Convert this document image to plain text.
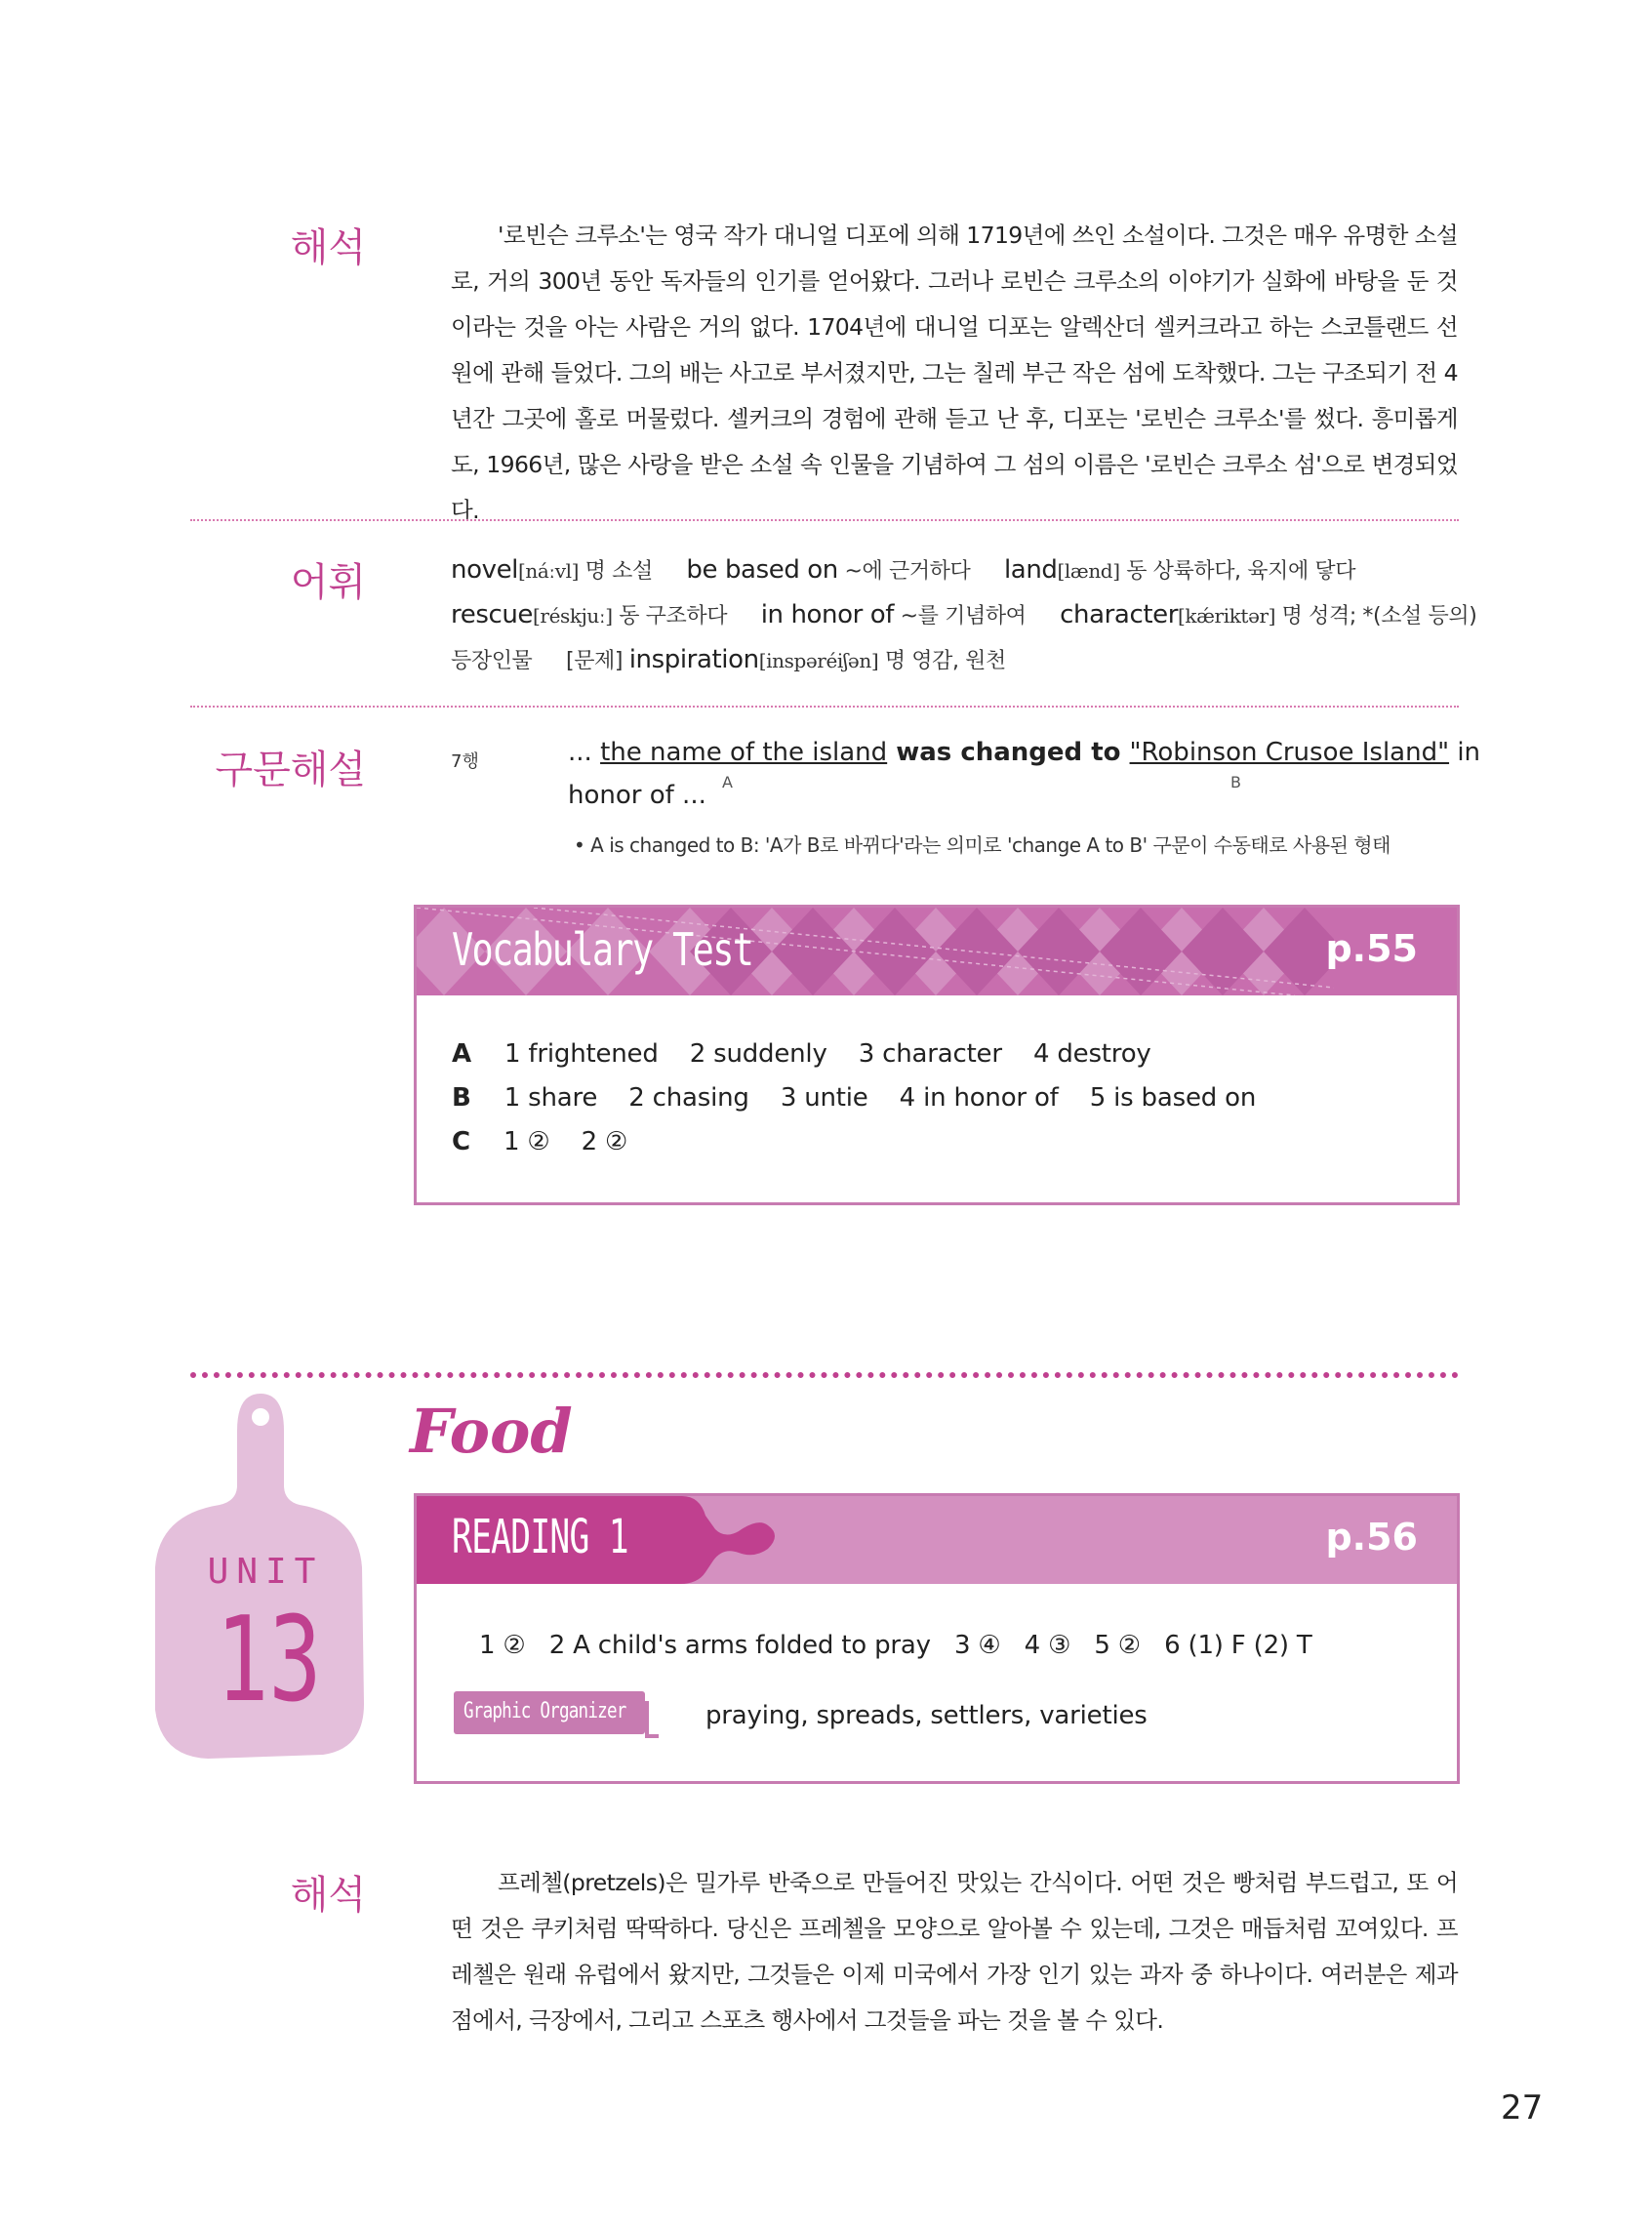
해석	'로빈슨 크루소'는 영국 작가 대니얼 디포에 의해 1719년에 쓰인 소설이다. 그것은 매우 유명한 소설로, 거의 300년 동안 독자들의 인기를 얻어왔다. 그러나 로빈슨 크루소의 이야기가 실화에 바탕을 둔 것이라는 것을 아는 사람은 거의 없다. 1704년에 대니얼 디포는 알렉산더 셀커크라고 하는 스코틀랜드 선원에 관해 들었다. 그의 배는 사고로 부서졌지만, 그는 칠레 부근 작은 섬에 도착했다. 그는 구조되기 전 4년간 그곳에 홀로 머물렀다. 셀커크의 경험에 관해 듣고 난 후, 디포는 '로빈슨 크루소'를 썼다. 흥미롭게도, 1966년, 많은 사랑을 받은 소설 속 인물을 기념하여 그 섬의 이름은 '로빈슨 크루소 섬'으로 변경되었다.

어휘	novel[náːvl] 명 소설 be based on ~에 근거하다 land[lænd] 동 상륙하다, 육지에 닿다
rescue[réskjuː] 동 구조하다 in honor of ~를 기념하여 character[kǽriktər] 명 성격; *(소설 등의)
등장인물 [문제] inspiration[inspəréiʃən] 명 영감, 원천
구문해설	7행	... the name of the island was changed to "Robinson Crusoe Island" in
A	B
honor of ...
• A is changed to B: 'A가 B로 바뀌다'라는 의미로 'change A to B' 구문이 수동태로 사용된 형태
Vocabulary Test	p.55
A 1 frightened 2 suddenly 3 character 4 destroy
B 1 share 2 chasing 3 untie 4 in honor of 5 is based on
C 1 ② 2 ②
UNIT
13
Food
READING 1	p.56
1 ②   2 A child's arms folded to pray   3 ④   4 ③   5 ②   6 (1) F (2) T
Graphic Organizer	praying, spreads, settlers, varieties
해석	프레첼(pretzels)은 밀가루 반죽으로 만들어진 맛있는 간식이다. 어떤 것은 빵처럼 부드럽고, 또 어떤 것은 쿠키처럼 딱딱하다. 당신은 프레첼을 모양으로 알아볼 수 있는데, 그것은 매듭처럼 꼬여있다. 프레첼은 원래 유럽에서 왔지만, 그것들은 이제 미국에서 가장 인기 있는 과자 중 하나이다. 여러분은 제과점에서, 극장에서, 그리고 스포츠 행사에서 그것들을 파는 것을 볼 수 있다.

27
